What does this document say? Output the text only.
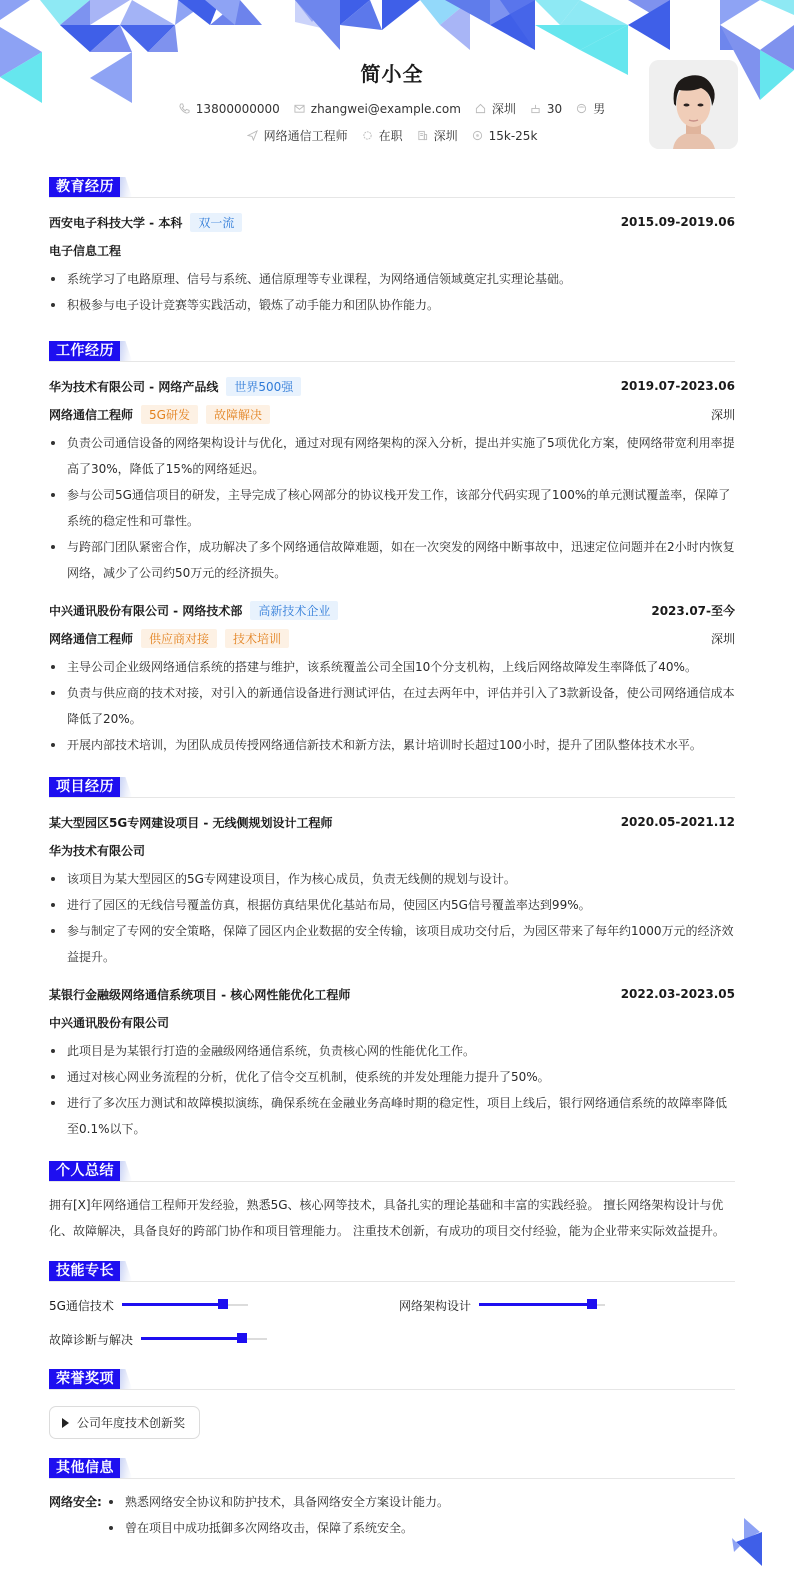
简小全
13800000000	zhangwei@example.com	深圳	30	男
网络通信工程师	在职	深圳	15k-25k
教育经历
西安电子科技大学 - 本科	双一流	2015.09-2019.06
电子信息工程
系统学习了电路原理、信号与系统、通信原理等专业课程，为网络通信领域奠定扎实理论基础。
积极参与电子设计竞赛等实践活动，锻炼了动手能力和团队协作能力。
工作经历
华为技术有限公司 - 网络产品线	世界500强	2019.07-2023.06
网络通信工程师	5G研发	故障解决	深圳
负责公司通信设备的网络架构设计与优化，通过对现有网络架构的深入分析，提出并实施了5项优化方案，使网络带宽利用率提高了30%，降低了15%的网络延迟。
参与公司5G通信项目的研发，主导完成了核心网部分的协议栈开发工作，该部分代码实现了100%的单元测试覆盖率，保障了系统的稳定性和可靠性。
与跨部门团队紧密合作，成功解决了多个网络通信故障难题，如在一次突发的网络中断事故中，迅速定位问题并在2小时内恢复网络，减少了公司约50万元的经济损失。
中兴通讯股份有限公司 - 网络技术部	高新技术企业	2023.07-至今
网络通信工程师	供应商对接	技术培训	深圳
主导公司企业级网络通信系统的搭建与维护，该系统覆盖公司全国10个分支机构，上线后网络故障发生率降低了40%。
负责与供应商的技术对接，对引入的新通信设备进行测试评估，在过去两年中，评估并引入了3款新设备，使公司网络通信成本降低了20%。
开展内部技术培训，为团队成员传授网络通信新技术和新方法，累计培训时长超过100小时，提升了团队整体技术水平。
项目经历
某大型园区5G专网建设项目 - 无线侧规划设计工程师	2020.05-2021.12
华为技术有限公司
该项目为某大型园区的5G专网建设项目，作为核心成员，负责无线侧的规划与设计。
进行了园区的无线信号覆盖仿真，根据仿真结果优化基站布局，使园区内5G信号覆盖率达到99%。
参与制定了专网的安全策略，保障了园区内企业数据的安全传输，该项目成功交付后，为园区带来了每年约1000万元的经济效益提升。
某银行金融级网络通信系统项目 - 核心网性能优化工程师	2022.03-2023.05
中兴通讯股份有限公司
此项目是为某银行打造的金融级网络通信系统，负责核心网的性能优化工作。
通过对核心网业务流程的分析，优化了信令交互机制，使系统的并发处理能力提升了50%。
进行了多次压力测试和故障模拟演练，确保系统在金融业务高峰时期的稳定性，项目上线后，银行网络通信系统的故障率降低至0.1%以下。
个人总结

拥有[X]年网络通信工程师开发经验，熟悉5G、核心网等技术，具备扎实的理论基础和丰富的实践经验。 擅长网络架构设计与优化、故障解决，具备良好的跨部门协作和项目管理能力。 注重技术创新，有成功的项目交付经验，能为企业带来实际效益提升。

技能专长
5G通信技术	网络架构设计
故障诊断与解决
荣誉奖项
公司年度技术创新奖
其他信息
网络安全:	熟悉网络安全协议和防护技术，具备网络安全方案设计能力。
曾在项目中成功抵御多次网络攻击，保障了系统安全。
